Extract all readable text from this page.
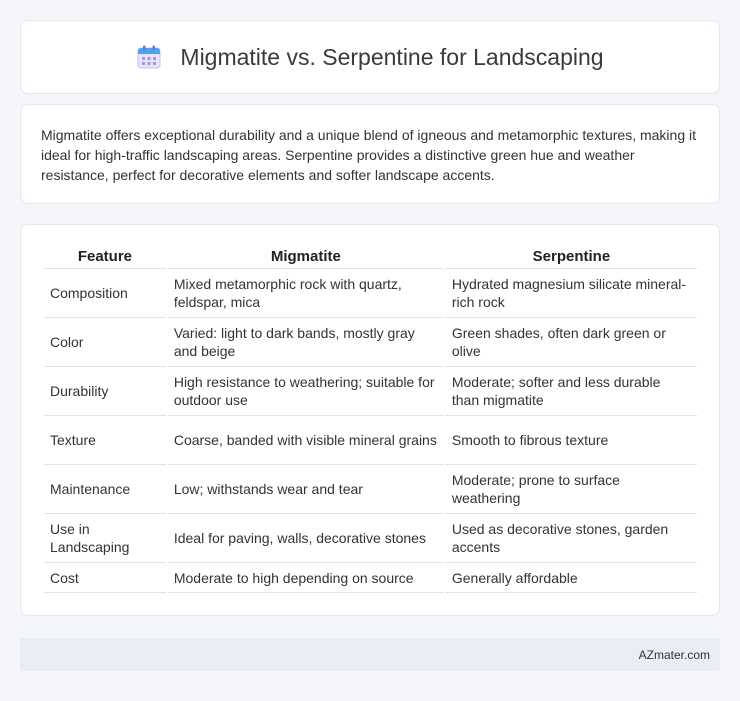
Migmatite vs. Serpentine for Landscaping

Migmatite offers exceptional durability and a unique blend of igneous and metamorphic textures, making it ideal for high-traffic landscaping areas. Serpentine provides a distinctive green hue and weather resistance, perfect for decorative elements and softer landscape accents.

Feature	Migmatite	Serpentine
Composition	Mixed metamorphic rock with quartz, feldspar, mica	Hydrated magnesium silicate mineral-rich rock
Color	Varied: light to dark bands, mostly gray and beige	Green shades, often dark green or olive
Durability	High resistance to weathering; suitable for outdoor use	Moderate; softer and less durable than migmatite
Texture	Coarse, banded with visible mineral grains	Smooth to fibrous texture
Maintenance	Low; withstands wear and tear	Moderate; prone to surface weathering
Use in Landscaping	Ideal for paving, walls, decorative stones	Used as decorative stones, garden accents
Cost	Moderate to high depending on source	Generally affordable
AZmater.com
